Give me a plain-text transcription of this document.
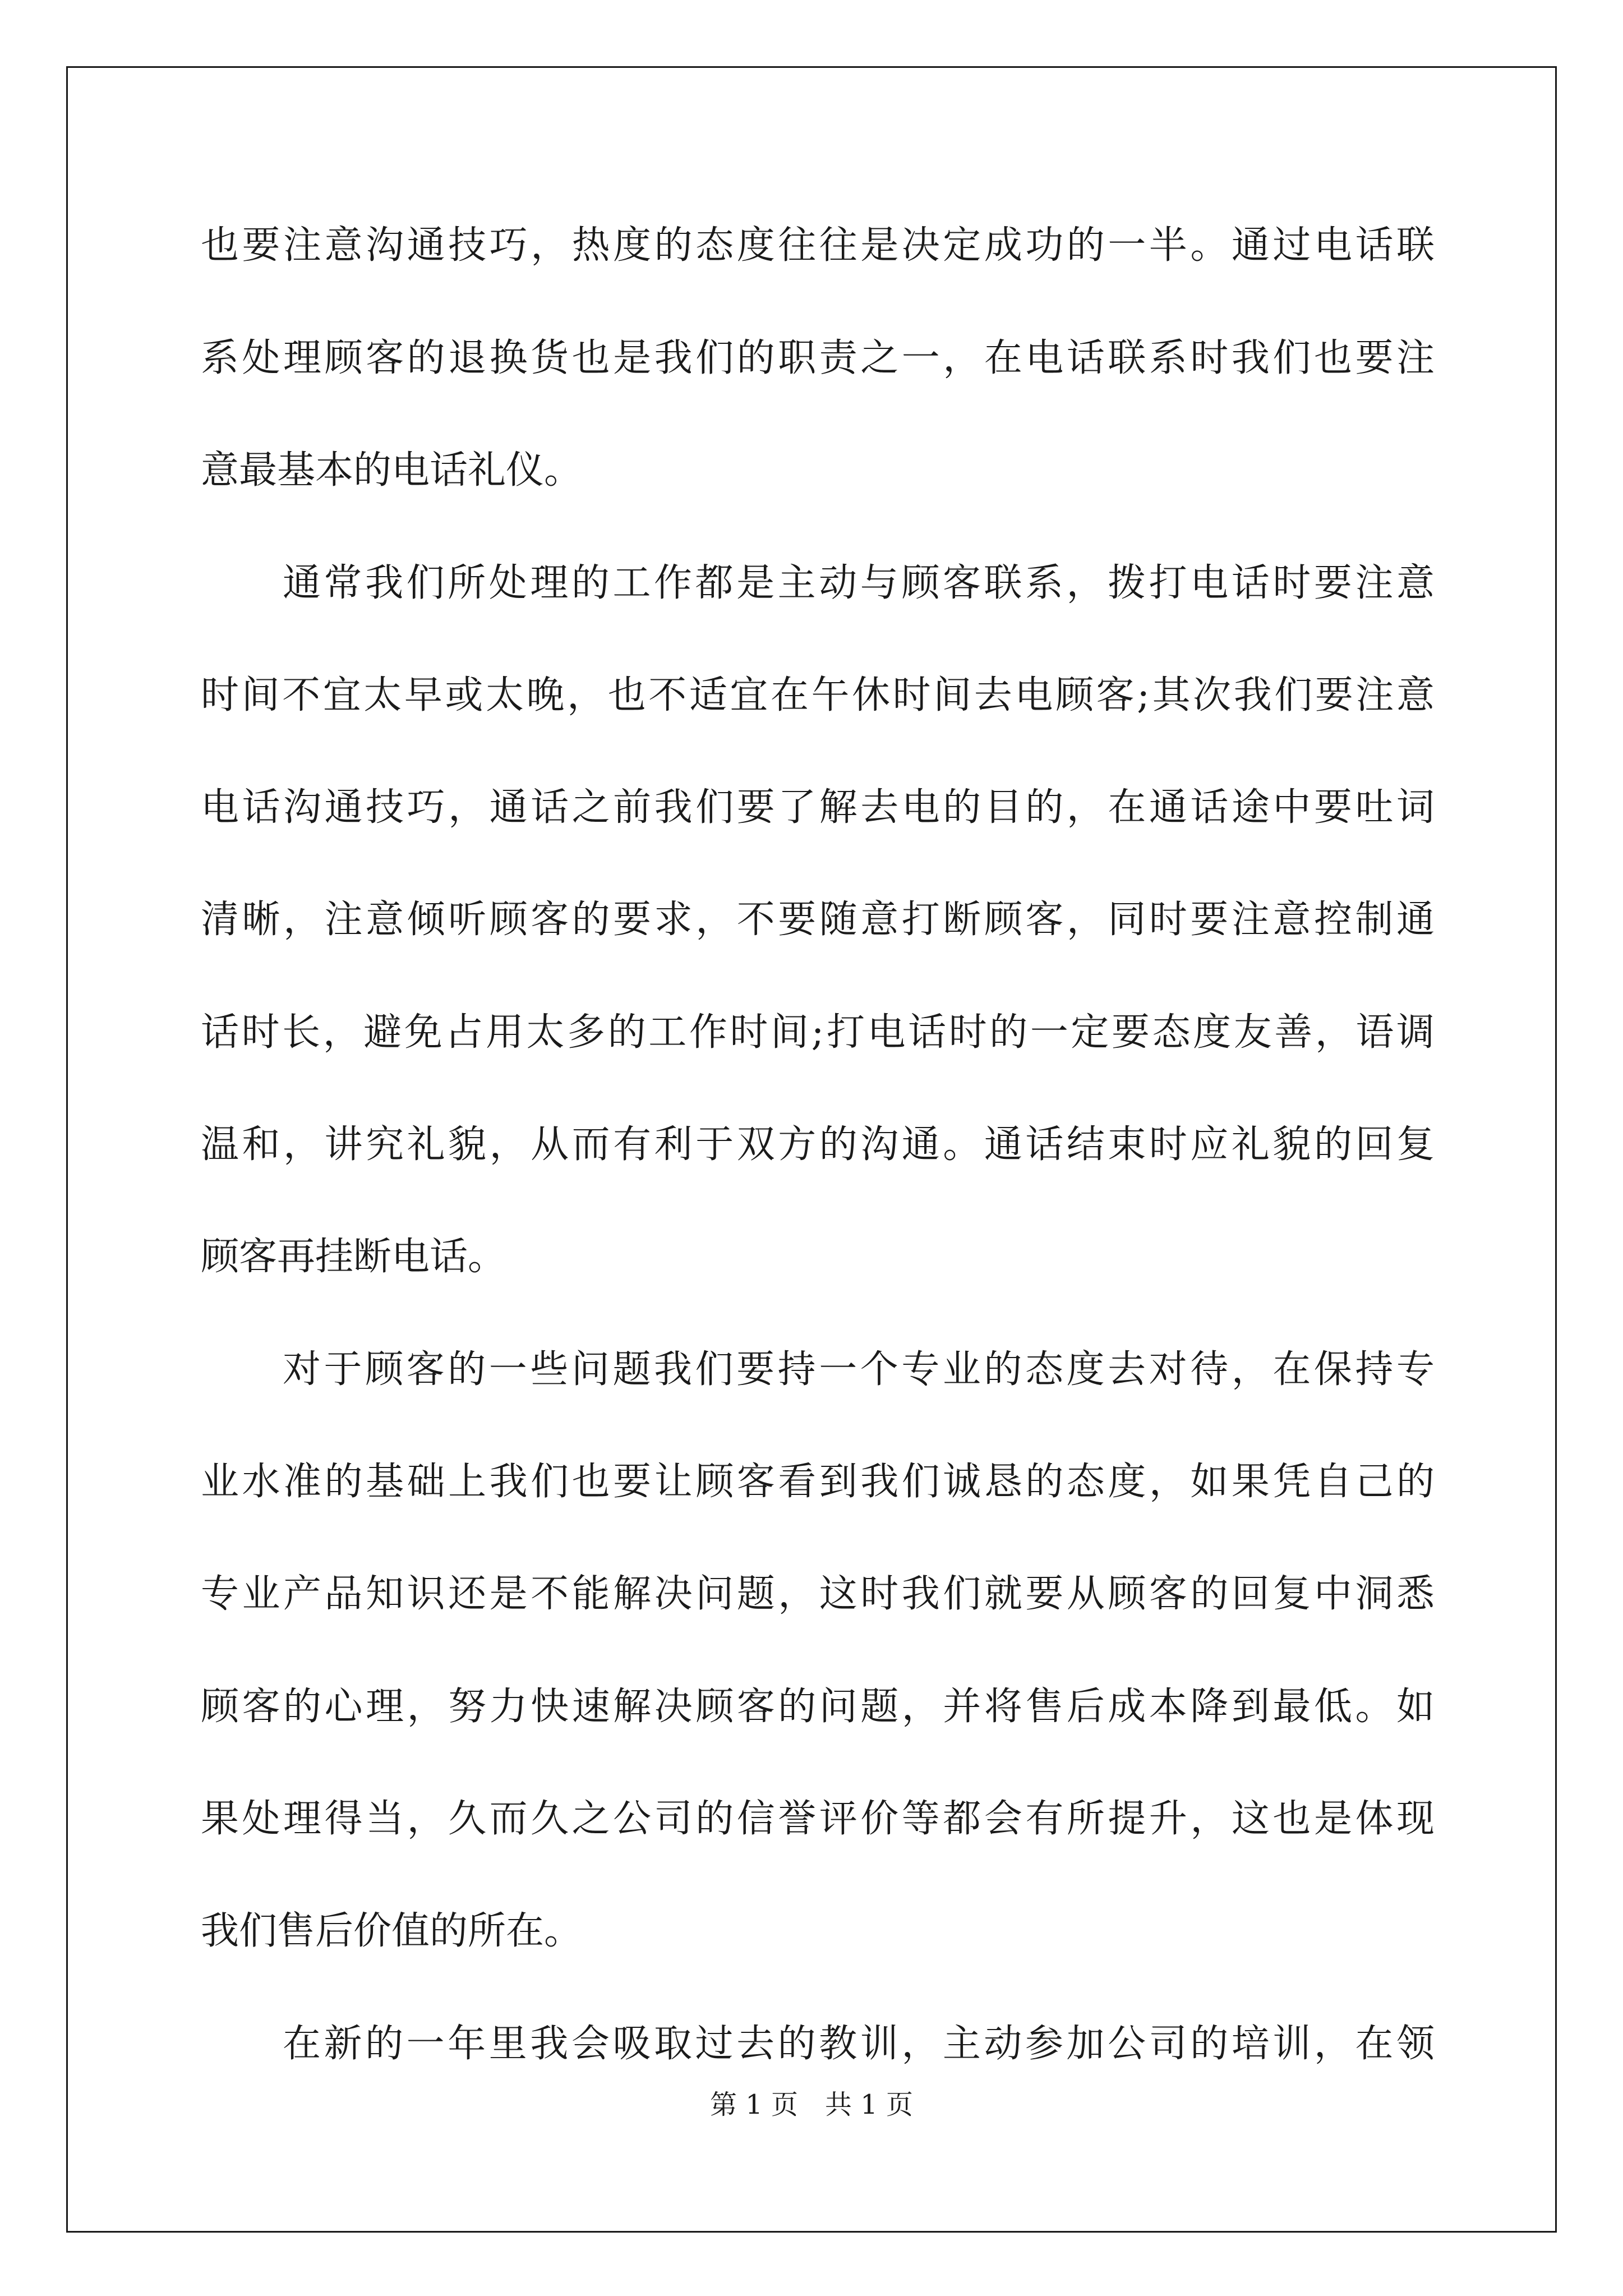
也要注意沟通技巧，热度的态度往往是决定成功的一半。通过电话联
系处理顾客的退换货也是我们的职责之一，在电话联系时我们也要注
意最基本的电话礼仪。
通常我们所处理的工作都是主动与顾客联系，拨打电话时要注意
时间不宜太早或太晚，也不适宜在午休时间去电顾客;其次我们要注意
电话沟通技巧，通话之前我们要了解去电的目的，在通话途中要吐词
清晰，注意倾听顾客的要求，不要随意打断顾客，同时要注意控制通
话时长，避免占用太多的工作时间;打电话时的一定要态度友善，语调
温和，讲究礼貌，从而有利于双方的沟通。通话结束时应礼貌的回复
顾客再挂断电话。
对于顾客的一些问题我们要持一个专业的态度去对待，在保持专
业水准的基础上我们也要让顾客看到我们诚恳的态度，如果凭自己的
专业产品知识还是不能解决问题，这时我们就要从顾客的回复中洞悉
顾客的心理，努力快速解决顾客的问题，并将售后成本降到最低。如
果处理得当，久而久之公司的信誉评价等都会有所提升，这也是体现
我们售后价值的所在。
在新的一年里我会吸取过去的教训，主动参加公司的培训，在领
第 1 页　共 1 页
